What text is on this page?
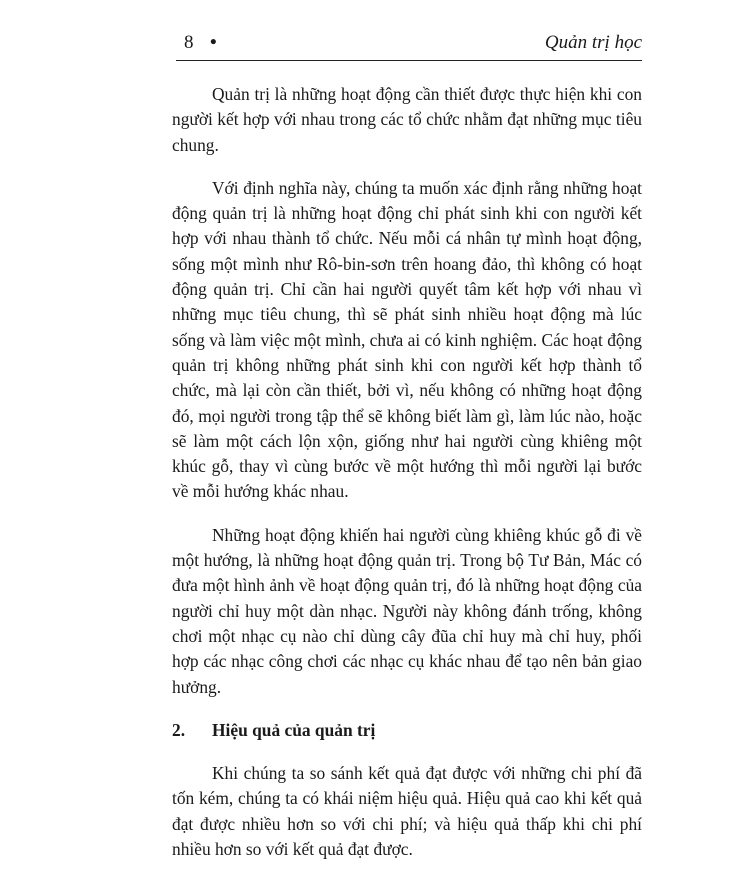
8 •	Quản trị học

Quản trị là những hoạt động cần thiết được thực hiện khi con người kết hợp với nhau trong các tổ chức nhằm đạt những mục tiêu chung.

Với định nghĩa này, chúng ta muốn xác định rằng những hoạt động quản trị là những hoạt động chỉ phát sinh khi con người kết hợp với nhau thành tổ chức. Nếu mỗi cá nhân tự mình hoạt động, sống một mình như Rô-bin-sơn trên hoang đảo, thì không có hoạt động quản trị. Chỉ cần hai người quyết tâm kết hợp với nhau vì những mục tiêu chung, thì sẽ phát sinh nhiều hoạt động mà lúc sống và làm việc một mình, chưa ai có kinh nghiệm. Các hoạt động quản trị không những phát sinh khi con người kết hợp thành tổ chức, mà lại còn cần thiết, bởi vì, nếu không có những hoạt động đó, mọi người trong tập thể sẽ không biết làm gì, làm lúc nào, hoặc sẽ làm một cách lộn xộn, giống như hai người cùng khiêng một khúc gỗ, thay vì cùng bước về một hướng thì mỗi người lại bước về mỗi hướng khác nhau.

Những hoạt động khiến hai người cùng khiêng khúc gỗ đi về một hướng, là những hoạt động quản trị. Trong bộ Tư Bản, Mác có đưa một hình ảnh về hoạt động quản trị, đó là những hoạt động của người chỉ huy một dàn nhạc. Người này không đánh trống, không chơi một nhạc cụ nào chỉ dùng cây đũa chỉ huy mà chỉ huy, phối hợp các nhạc công chơi các nhạc cụ khác nhau để tạo nên bản giao hưởng.

2. Hiệu quả của quản trị

Khi chúng ta so sánh kết quả đạt được với những chi phí đã tốn kém, chúng ta có khái niệm hiệu quả. Hiệu quả cao khi kết quả đạt được nhiều hơn so với chi phí; và hiệu quả thấp khi chi phí nhiều hơn so với kết quả đạt được.
